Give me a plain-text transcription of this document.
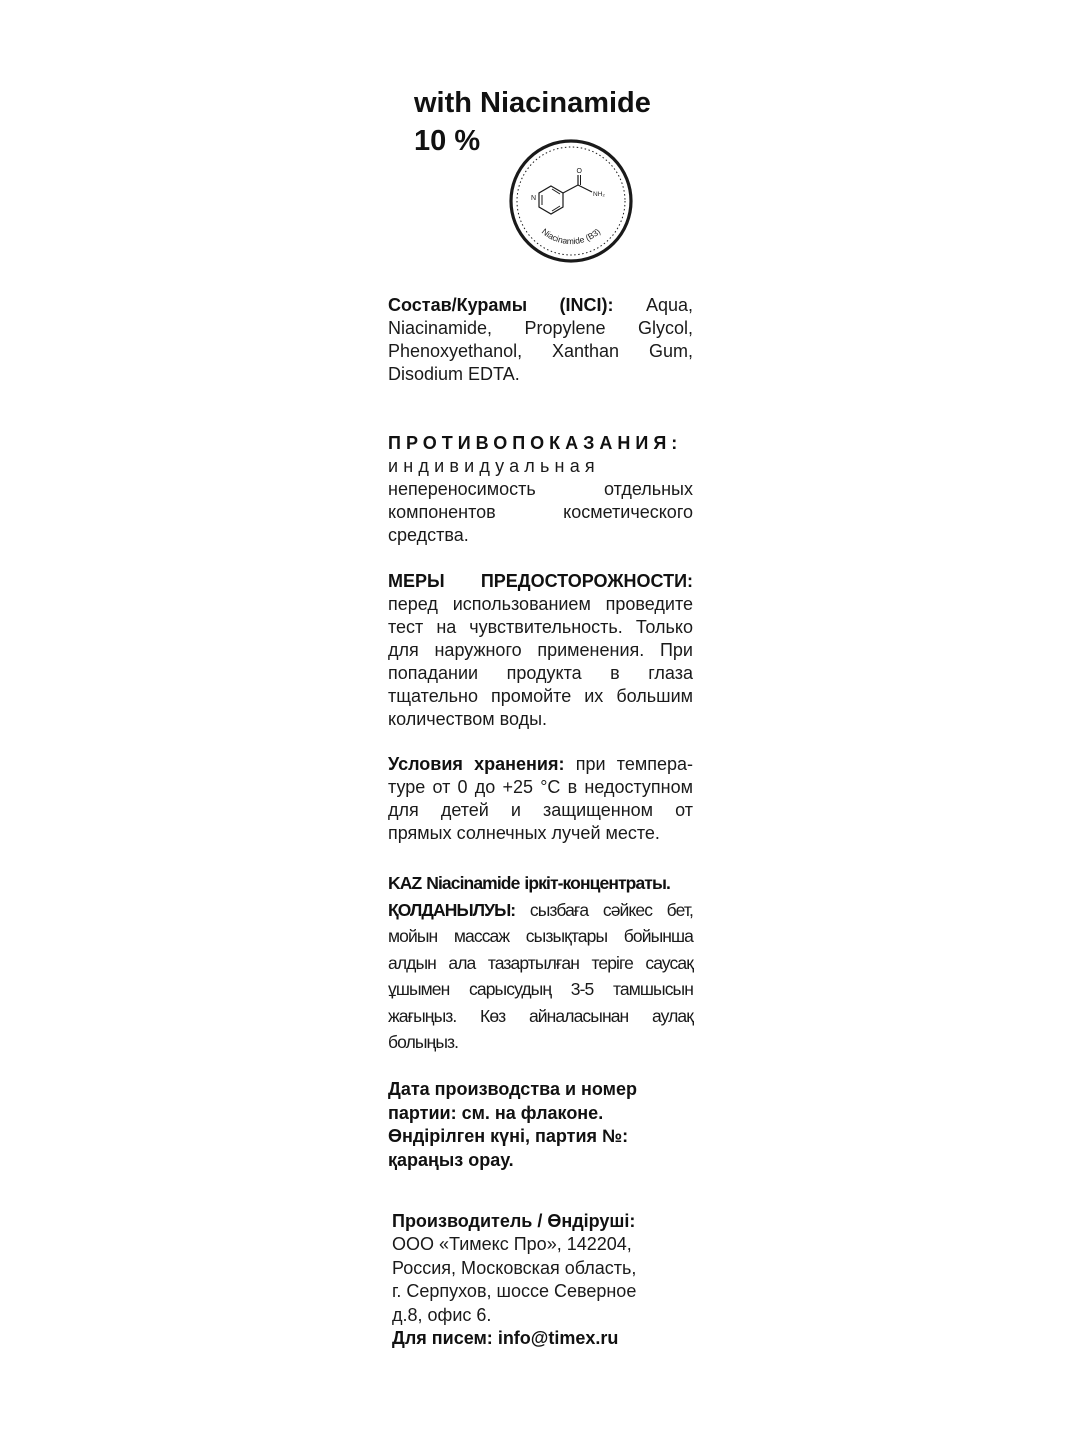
with Niacinamide
10 %
O
N
NH₂
Niacinamide (B3)

Состав/Курамы (INCI): Aqua, Niacinamide, Propylene Glycol, Phenoxyethanol, Xanthan Gum, Disodium EDTA.

ПРОТИВОПОКАЗАНИЯ:
индивидуальная
непереносимость отдельных компонентов косметического средства.

МЕРЫ ПРЕДОСТОРОЖНОСТИ: перед использованием проведите тест на чувствительность. Только для наружного применения. При попадании продукта в глаза тщательно промойте их большим количеством воды.

Условия хранения: при темпера-туре от 0 до +25 °С в недоступном для детей и защищенном от прямых солнечных лучей месте.

KAZ Niacinamide іркіт-концентраты.
ҚОЛДАНЫЛУЫ: сызбаға сәйкес бет, мойын массаж сызықтары бойынша алдын ала тазартылған теріге саусақ ұшымен сарысудың 3-5 тамшысын жағыңыз. Көз айналасынан аулақ болыңыз.

Дата производства и номер
партии: см. на флаконе.
Өндірілген күні, партия №:
қараңыз орау.

Производитель / Өндіруші:
ООО «Тимекс Про», 142204,
Россия, Московская область,
г. Серпухов, шоссе Северное
д.8, офис 6.
Для писем: info@timex.ru
